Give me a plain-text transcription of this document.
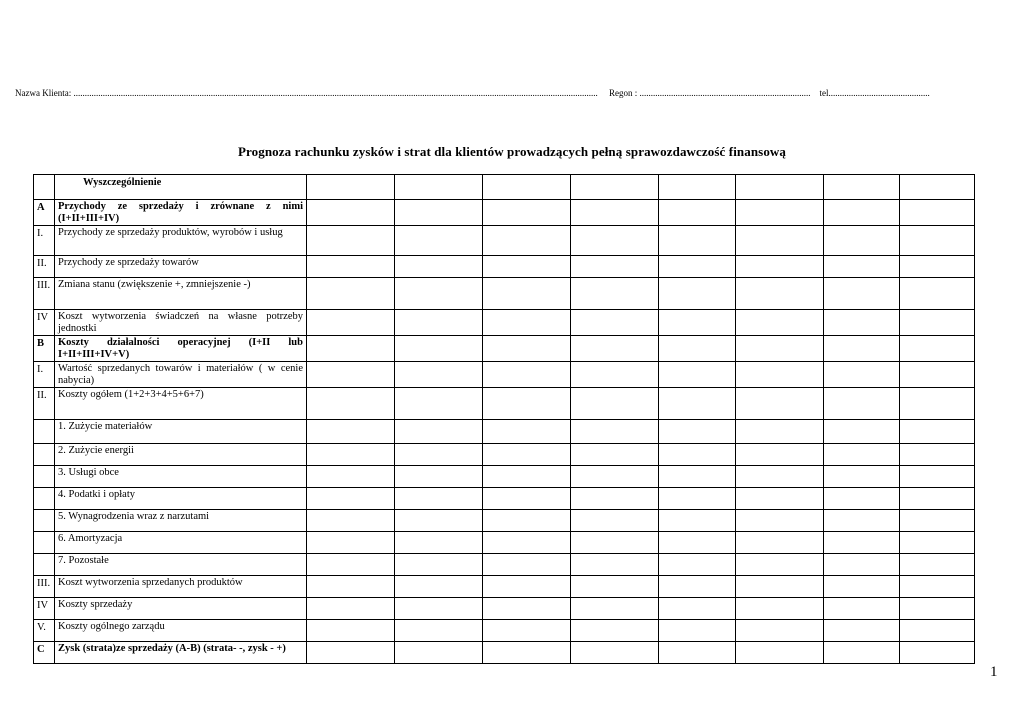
Nazwa Klienta: ......................................................................................................................................................................................................................................... Regon : ............................................................................ tel.............................................
Prognoza rachunku zysków i strat dla klientów prowadzących pełną sprawozdawczość finansową
	Wyszczególnienie								
A	Przychody ze sprzedaży i zrównane z nimi (I+II+III+IV)								
I.	Przychody ze sprzedaży produktów, wyrobów i usług								
II.	Przychody ze sprzedaży towarów								
III.	Zmiana stanu (zwiększenie +, zmniejszenie -)								
IV	Koszt wytworzenia świadczeń na własne potrzeby jednostki								
B	Koszty działalności operacyjnej (I+II lub I+II+III+IV+V)								
I.	Wartość sprzedanych towarów i materiałów ( w cenie nabycia)								
II.	Koszty ogółem (1+2+3+4+5+6+7)								
	1. Zużycie materiałów								
	2. Zużycie energii								
	3. Usługi obce								
	4. Podatki i opłaty								
	5. Wynagrodzenia wraz z narzutami								
	6. Amortyzacja								
	7. Pozostałe								
III.	Koszt wytworzenia sprzedanych produktów								
IV	Koszty sprzedaży								
V.	Koszty ogólnego zarządu								
C	Zysk (strata)ze sprzedaży (A-B) (strata- -, zysk - +)								
1
